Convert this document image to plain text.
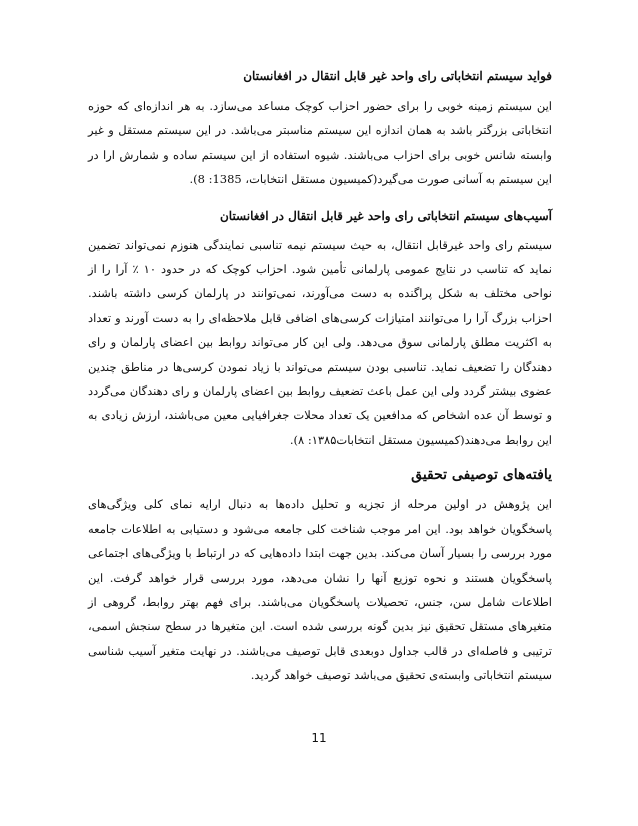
فواید سیستم انتخاباتی رای واحد غیر قابل انتقال در افغانستان

این سیستم زمینه خوبی را برای حضور احزاب کوچک مساعد می‌سازد. به هر اندازه‌ای که حوزه انتخاباتی بزرگتر باشد به همان اندازه این سیستم مناسبتر می‌باشد. در این سیستم مستقل و غیر وابسته شانس خوبی برای احزاب می‌باشند. شیوه استفاده از این سیستم ساده و شمارش ارا در این سیستم به آسانی صورت می‌گیرد(کمیسیون مستقل انتخابات، 1385: 8).

آسیب‌های سیستم انتخاباتی رای واحد غیر قابل انتقال در افغانستان

سیستم رای واحد غیرقابل انتقال، به حیث سیستم نیمه تناسبی نمایندگی هنوزم نمی‌تواند تضمین نماید که تناسب در نتایج عمومی پارلمانی تأمین شود. احزاب کوچک که در حدود ۱۰ ٪ آرا را از نواحی مختلف به شکل پراگنده به دست می‌آورند، نمی‌توانند در پارلمان کرسی داشته باشند. احزاب بزرگ آرا را می‌توانند امتیازات کرسی‌های اضافی قابل ملاحظه‌ای را به دست آورند و تعداد به اکثریت مطلق پارلمانی سوق می‌دهد. ولی این کار می‌تواند روابط بین اعضای پارلمان و رای دهندگان را تضعیف نماید. تناسبی بودن سیستم می‌تواند با زیاد نمودن کرسی‌ها در مناطق چندین عضوی بیشتر گردد ولی این عمل باعث تضعیف روابط بین اعضای پارلمان و رای دهندگان می‌گردد و توسط آن عده اشخاص که مدافعین یک تعداد محلات جغرافیایی معین می‌باشند، ارزش زیادی به این روابط می‌دهند(کمیسیون مستقل انتخابات۱۳۸۵: ۸).

یافته‌های توصیفی تحقیق

این پژوهش در اولین مرحله از تجزیه و تحلیل داده‌ها به دنبال ارایه نمای کلی ویژگی‌های پاسخگویان خواهد بود. این امر موجب شناخت کلی جامعه می‌شود و دستیابی به اطلاعات جامعه مورد بررسی را بسیار آسان می‌کند. بدین جهت ابتدا داده‌هایی که در ارتباط با ویژگی‌های اجتماعی پاسخگویان هستند و نحوه توزیع آنها را نشان می‌دهد، مورد بررسی قرار خواهد گرفت. این اطلاعات شامل سن، جنس، تحصیلات پاسخگویان می‌باشند. برای فهم بهتر روابط، گروهی از متغیرهای مستقل تحقیق نیز بدین گونه بررسی شده است. این متغیرها در سطح سنجش اسمی، ترتیبی و فاصله‌ای در قالب جداول دوبعدی قابل توصیف می‌باشند. در نهایت متغیر آسیب شناسی سیستم انتخاباتی وابسته‌ی تحقیق می‌باشد توصیف خواهد گردید.

11
